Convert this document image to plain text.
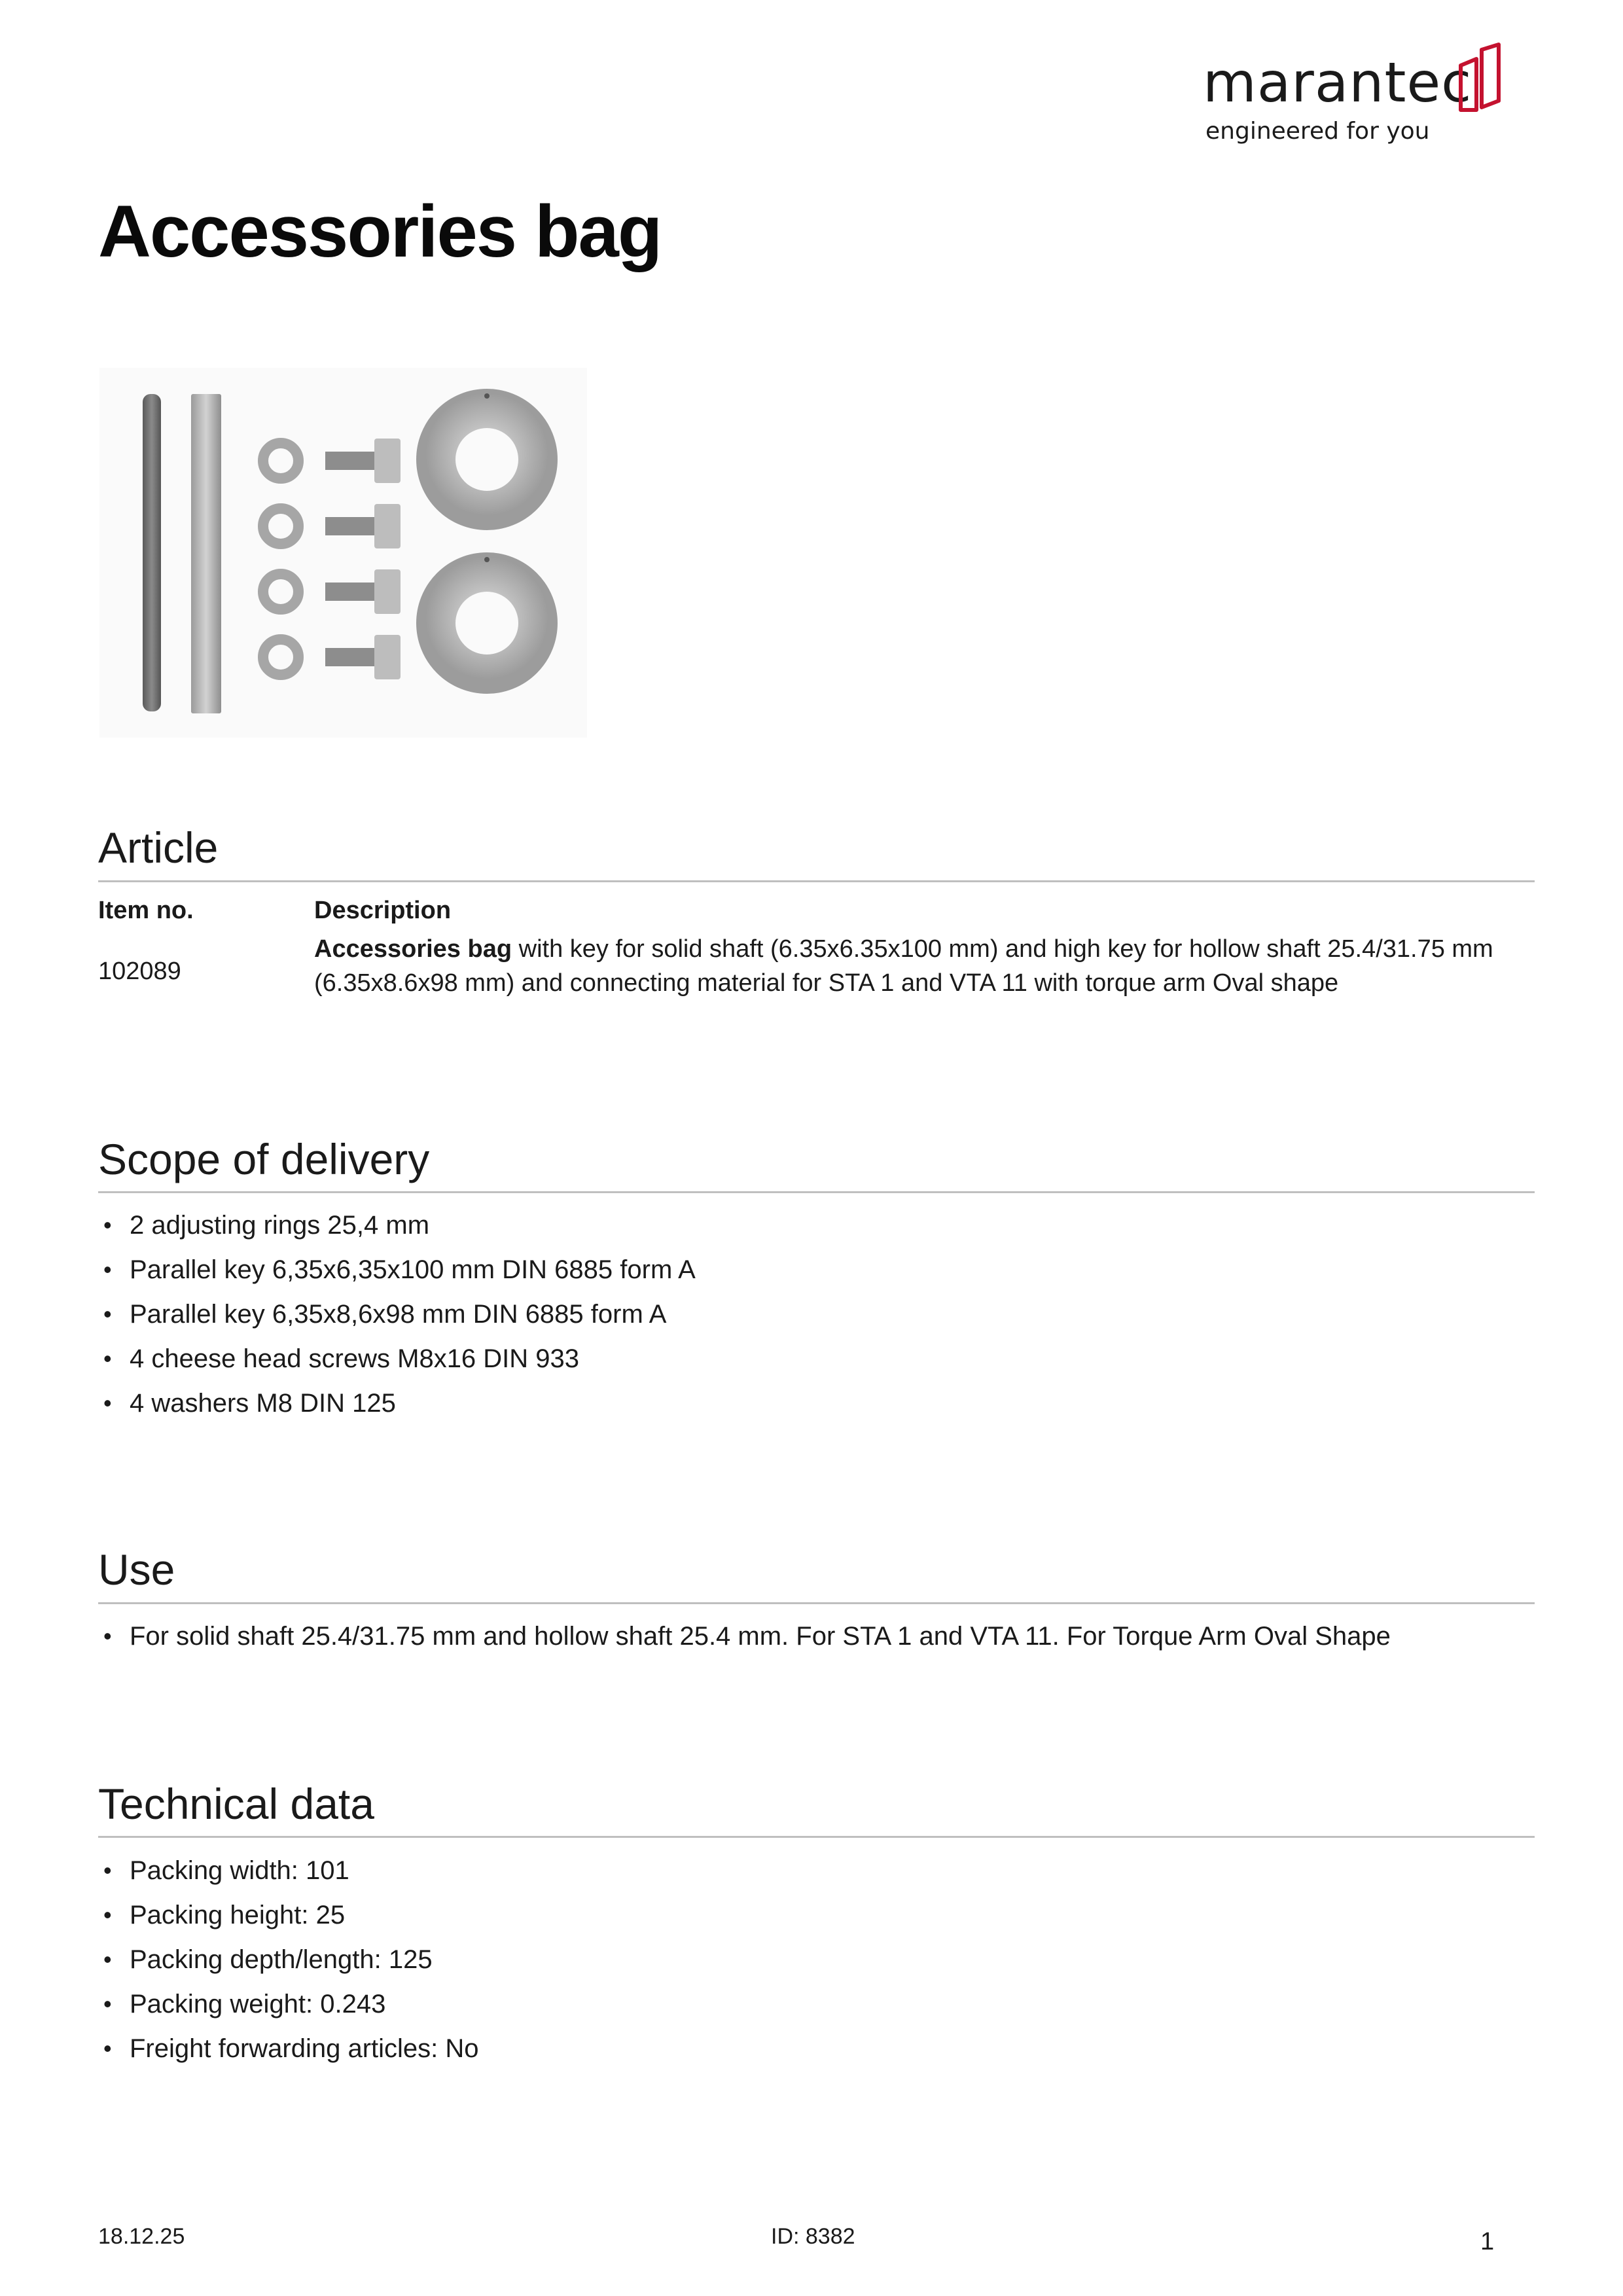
marantec
engineered for you
Accessories bag
Article
Item no.	Description
102089
Accessories bag with key for solid shaft (6.35x6.35x100 mm) and high key for hollow shaft 25.4/31.75 mm (6.35x8.6x98 mm) and connecting material for STA 1 and VTA 11 with torque arm Oval shape
Scope of delivery
• 2 adjusting rings 25,4 mm
• Parallel key 6,35x6,35x100 mm DIN 6885 form A
• Parallel key 6,35x8,6x98 mm DIN 6885 form A
• 4 cheese head screws M8x16 DIN 933
• 4 washers M8 DIN 125
Use
• For solid shaft 25.4/31.75 mm and hollow shaft 25.4 mm. For STA 1 and VTA 11. For Torque Arm Oval Shape
Technical data
• Packing width: 101
• Packing height: 25
• Packing depth/length: 125
• Packing weight: 0.243
• Freight forwarding articles: No
18.12.25	ID: 8382	1
